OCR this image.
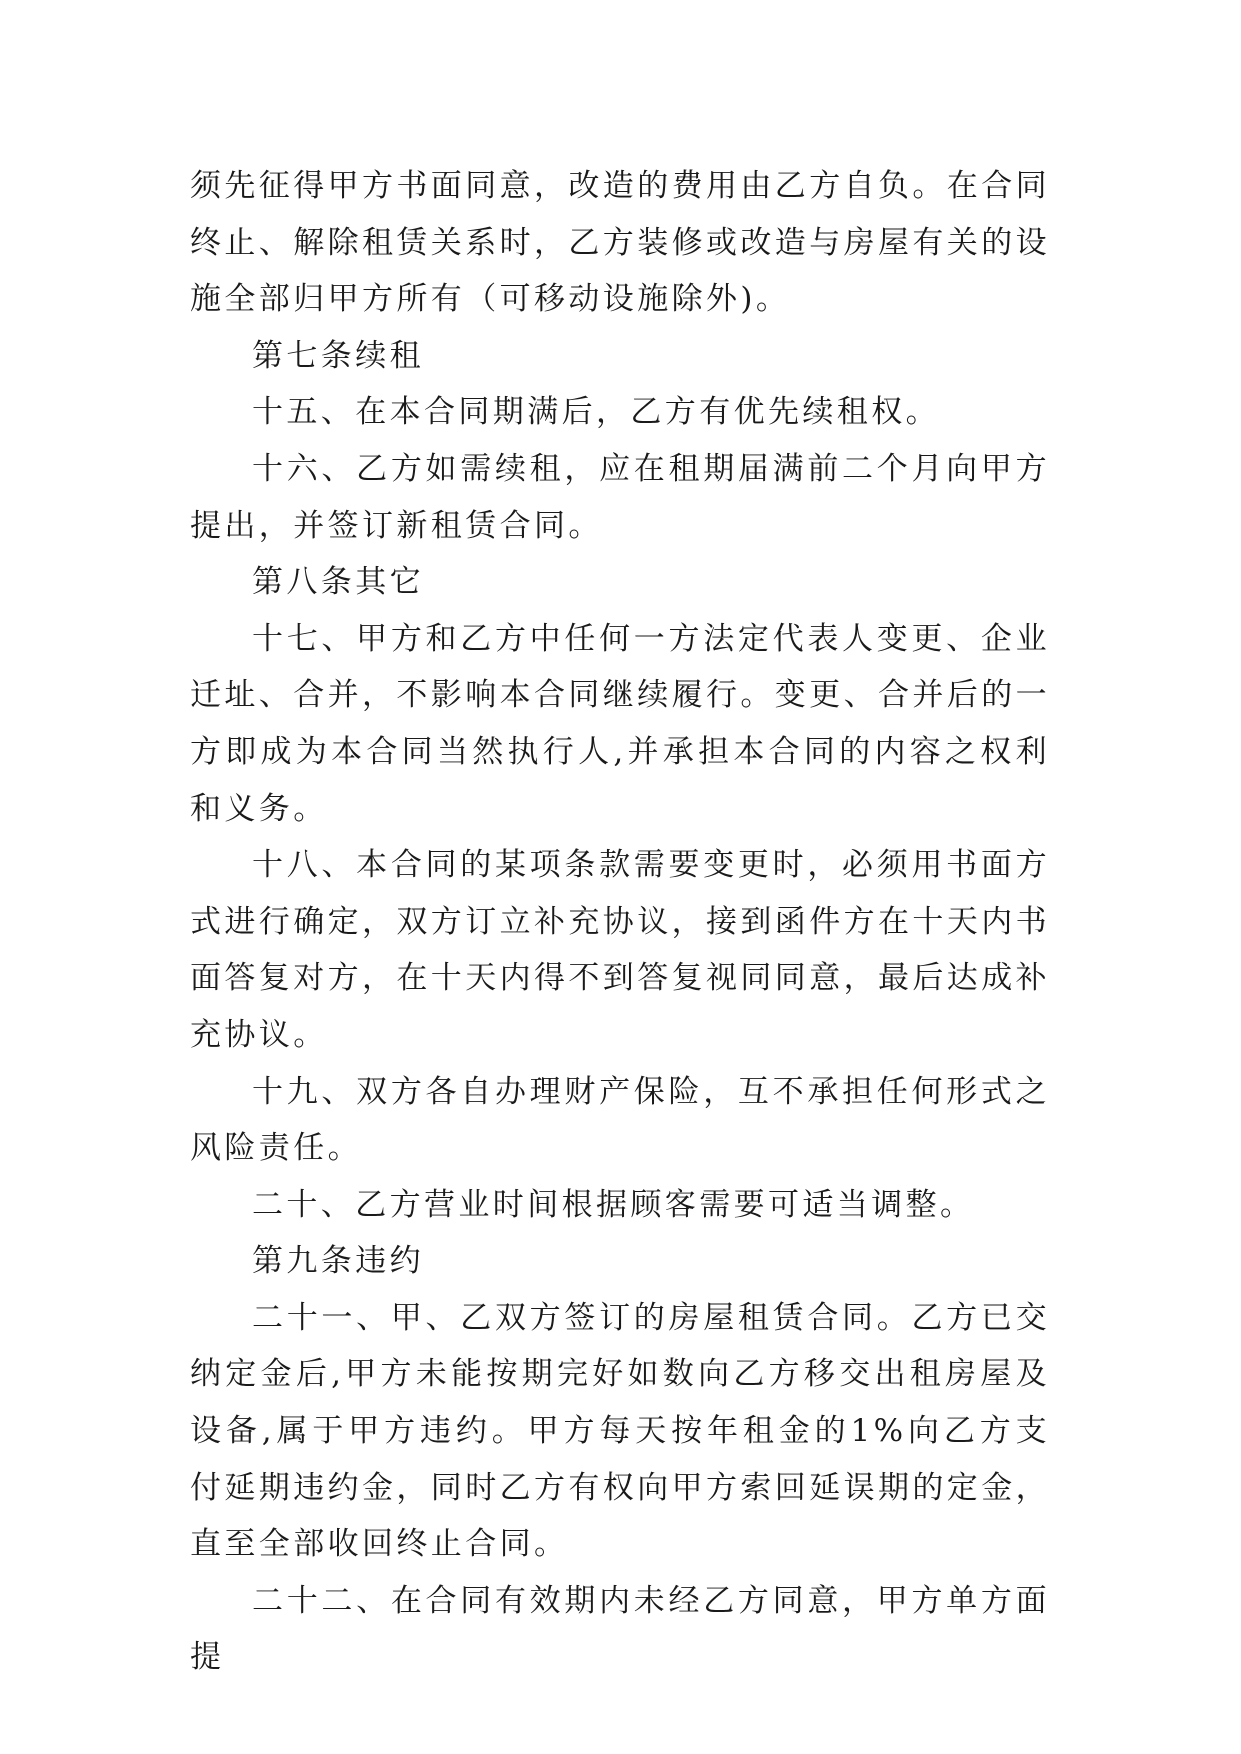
须先征得甲方书面同意，改造的费用由乙方自负。在合同终止、解除租赁关系时，乙方装修或改造与房屋有关的设施全部归甲方所有（可移动设施除外)。

第七条续租

十五、在本合同期满后，乙方有优先续租权。

十六、乙方如需续租，应在租期届满前二个月向甲方提出，并签订新租赁合同。

第八条其它

十七、甲方和乙方中任何一方法定代表人变更、企业迁址、合并，不影响本合同继续履行。变更、合并后的一方即成为本合同当然执行人,并承担本合同的内容之权利和义务。

十八、本合同的某项条款需要变更时，必须用书面方式进行确定，双方订立补充协议，接到函件方在十天内书面答复对方，在十天内得不到答复视同同意，最后达成补充协议。

十九、双方各自办理财产保险，互不承担任何形式之风险责任。

二十、乙方营业时间根据顾客需要可适当调整。

第九条违约

二十一、甲、乙双方签订的房屋租赁合同。乙方已交纳定金后,甲方未能按期完好如数向乙方移交出租房屋及设备,属于甲方违约。甲方每天按年租金的1%向乙方支付延期违约金，同时乙方有权向甲方索回延误期的定金，直至全部收回终止合同。

二十二、在合同有效期内未经乙方同意，甲方单方面提
